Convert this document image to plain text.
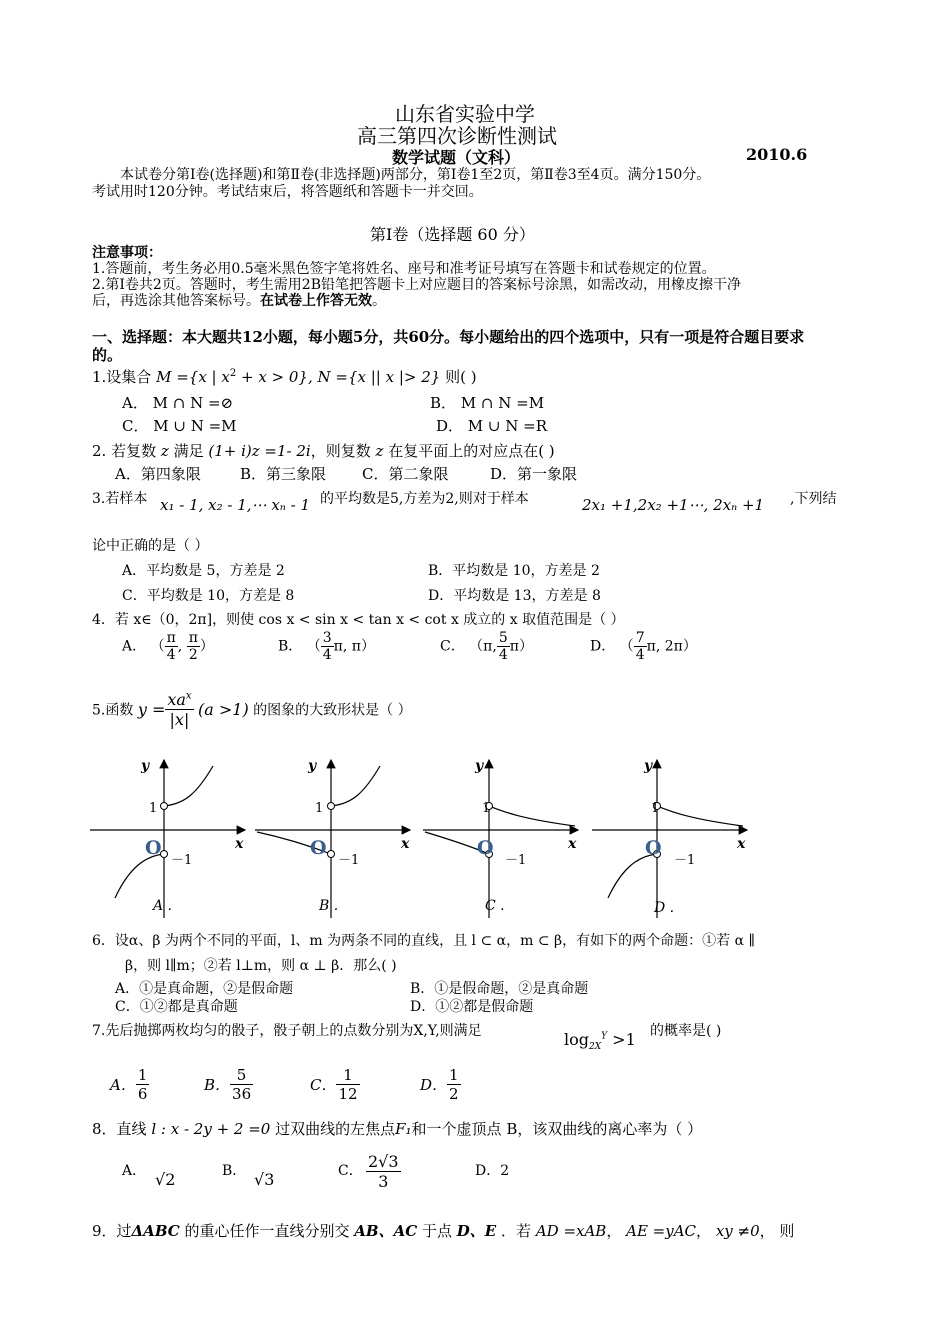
山东省实验中学
高三第四次诊断性测试
数学试题（文科）	2010.6
本试卷分第Ⅰ卷(选择题)和第Ⅱ卷(非选择题)两部分，第Ⅰ卷1至2页，第Ⅱ卷3至4页。满分150分。
考试用时120分钟。考试结束后，将答题纸和答题卡一并交回。
第Ⅰ卷（选择题 60 分）
注意事项：
1.答题前，考生务必用0.5毫米黑色签字笔将姓名、座号和准考证号填写在答题卡和试卷规定的位置。
2.第Ⅰ卷共2页。答题时，考生需用2B铅笔把答题卡上对应题目的答案标号涂黑，如需改动，用橡皮擦干净
后，再选涂其他答案标号。在试卷上作答无效。
一、选择题：本大题共12小题，每小题5分，共60分。每小题给出的四个选项中，只有一项是符合题目要求
的。
1.设集合 M ={x | $x^2 + x > 0$}, N ={x || x |> 2} 则( )
A． M ∩ N =⊘	B． M ∩ N =M
C． M ∪ N =M	D． M ∪ N =R
2. 若复数 z 满足 (1+ i)z =1- 2i，则复数 z 在复平面上的对应点在( )
A．第四象限	B．第三象限 C．第二象限	D．第一象限
3.若样本 x₁ - 1, x₂ - 1,⋯ xₙ - 1 的平均数是5,方差为2,则对于样本	2x₁ +1,2x₂ +1⋯, 2xₙ +1 ,下列结
论中正确的是（ ）
A．平均数是 5，方差是 2	B．平均数是 10，方差是 2
C．平均数是 10，方差是 8	D．平均数是 13，方差是 8
4．若 x∈（0，2π]，则使 cos x < sin x < tan x < cot x 成立的 x 取值范围是（ ）
A． （ $\frac{\pi}{4}$ , $\frac{\pi}{2}$ ）	B． （ $\frac{3}{4} \pi$, π）	C． （π, $\frac{5}{4} \pi$）	D． （ $\frac{7}{4} \pi$, 2π）
5.函数 $y = \frac{xa^x}{|x|} (a >1)$ 的图象的大致形状是（ ）
y
x
1
O
－1
A .
y
x
1
O
－1
B .
y
x
1
O
－1
C .
y
x
1
O
－1
D .
6．设α、β 为两个不同的平面，l、m 为两条不同的直线，且 l ⊂ α，m ⊂ β，有如下的两个命题：①若 α ∥
β，则 l∥m；②若 l⊥m，则 α ⊥ β．那么( )
A．①是真命题，②是假命题	B．①是假命题，②是真命题
C．①②都是真命题	D．①②都是假命题
7.先后抛掷两枚均匀的骰子，骰子朝上的点数分别为X,Y,则满足	$\log_{2X}^Y >1$ 的概率是( )
A． $\frac{1}{6}$	B． $\frac{5}{36}$	C． $\frac{1}{12}$	D． $\frac{1}{2}$
8．直线 l : x - 2y + 2 =0 过双曲线的左焦点F₁和一个虚顶点 B，该双曲线的离心率为（ ）
A． √2	B． √3	C． $\frac{2√3}{3}$	D．2
9．过ΔABC 的重心任作一直线分别交 AB、AC 于点 D、E ．若 AD =xAB， AE =yAC， xy ≠0， 则
